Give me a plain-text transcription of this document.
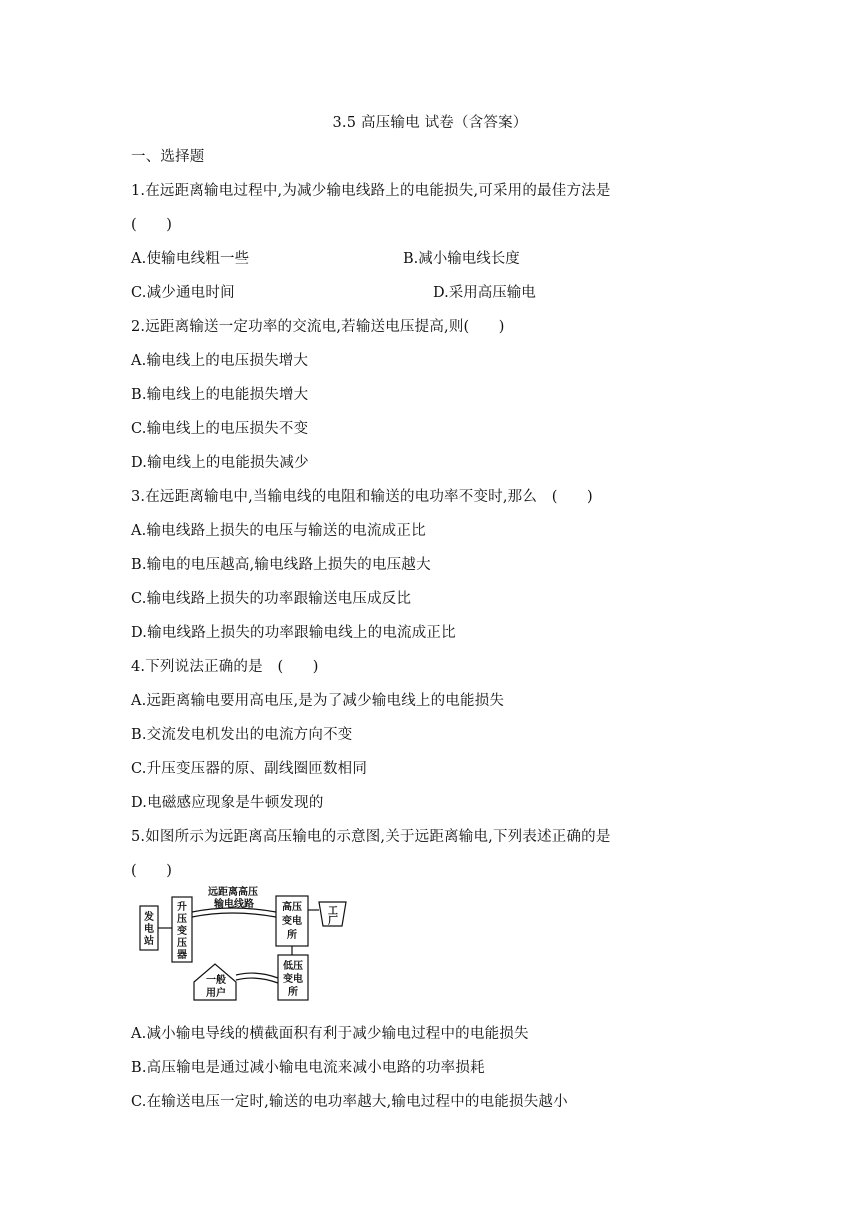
3.5 高压输电 试卷（含答案）
一、选择题
1.在远距离输电过程中,为减少输电线路上的电能损失,可采用的最佳方法是
(　　)
A.使输电线粗一些	B.减小输电线长度
C.减少通电时间	D.采用高压输电
2.远距离输送一定功率的交流电,若输送电压提高,则(　　)
A.输电线上的电压损失增大
B.输电线上的电能损失增大
C.输电线上的电压损失不变
D.输电线上的电能损失减少
3.在远距离输电中,当输电线的电阻和输送的电功率不变时,那么　(　　)
A.输电线路上损失的电压与输送的电流成正比
B.输电的电压越高,输电线路上损失的电压越大
C.输电线路上损失的功率跟输送电压成反比
D.输电线路上损失的功率跟输电线上的电流成正比
4.下列说法正确的是　(　　)
A.远距离输电要用高电压,是为了减少输电线上的电能损失
B.交流发电机发出的电流方向不变
C.升压变压器的原、副线圈匝数相同
D.电磁感应现象是牛顿发现的
5.如图所示为远距离高压输电的示意图,关于远距离输电,下列表述正确的是
(　　)
发
电
站
升
压
变
压
器
远距离高压
输电线路	高压
变电
所
工
厂
低压
变电
所
一般
用户
A.减小输电导线的横截面积有利于减少输电过程中的电能损失
B.高压输电是通过减小输电电流来减小电路的功率损耗
C.在输送电压一定时,输送的电功率越大,输电过程中的电能损失越小
